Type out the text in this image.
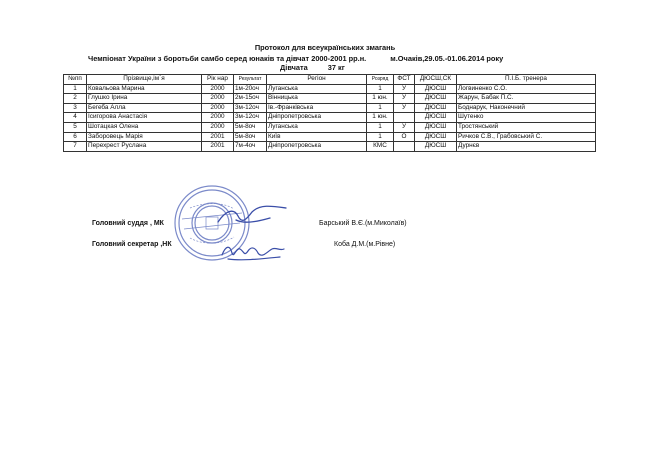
Протокол для всеукраїнських змагань
Чемпіонат України з боротьби самбо серед юнаків та дівчат 2000-2001 рр.н.	м.Очаків,29.05.-01.06.2014 року
Дівчата	37 кг
№пп	Прізвище,ім`я	Рік нар	Результат	Регіон	Розряд	ФСТ	ДЮСШ,СК	П.І.Б. тренера
1	Ковальова Марина	2000	1м-20оч	Луганська	1	У	ДЮСШ	Логвиненко С.О.
2	Глушко Ірина	2000	2м-15оч	Вінницька	1 юн.	У	ДЮСШ	Жарун, Бабак П.С.
3	Бегеба Алла	2000	3м-12оч	Ів.-Франківська	1	У	ДЮСШ	Боднарук, Наконечний
4	Ісигорова Анастасія	2000	3м-12оч	Дніпропетровська	1 юн.		ДЮСШ	Шутенко
5	Шотацкая Олена	2000	5м-8оч	Луганська	1	У	ДЮСШ	Тростянський
6	Заборовець Марія	2001	5м-8оч	Київ	1	О	ДЮСШ	Ричков С.В., Грабовський С.
7	Перехрест Руслана	2001	7м-4оч	Дніпропетровська	КМС		ДЮСШ	Дурнєв
Головний суддя , МК	Барський В.Є.(м.Миколаїв)
Головний секретар ,НК	Коба Д.М.(м.Рівне)
